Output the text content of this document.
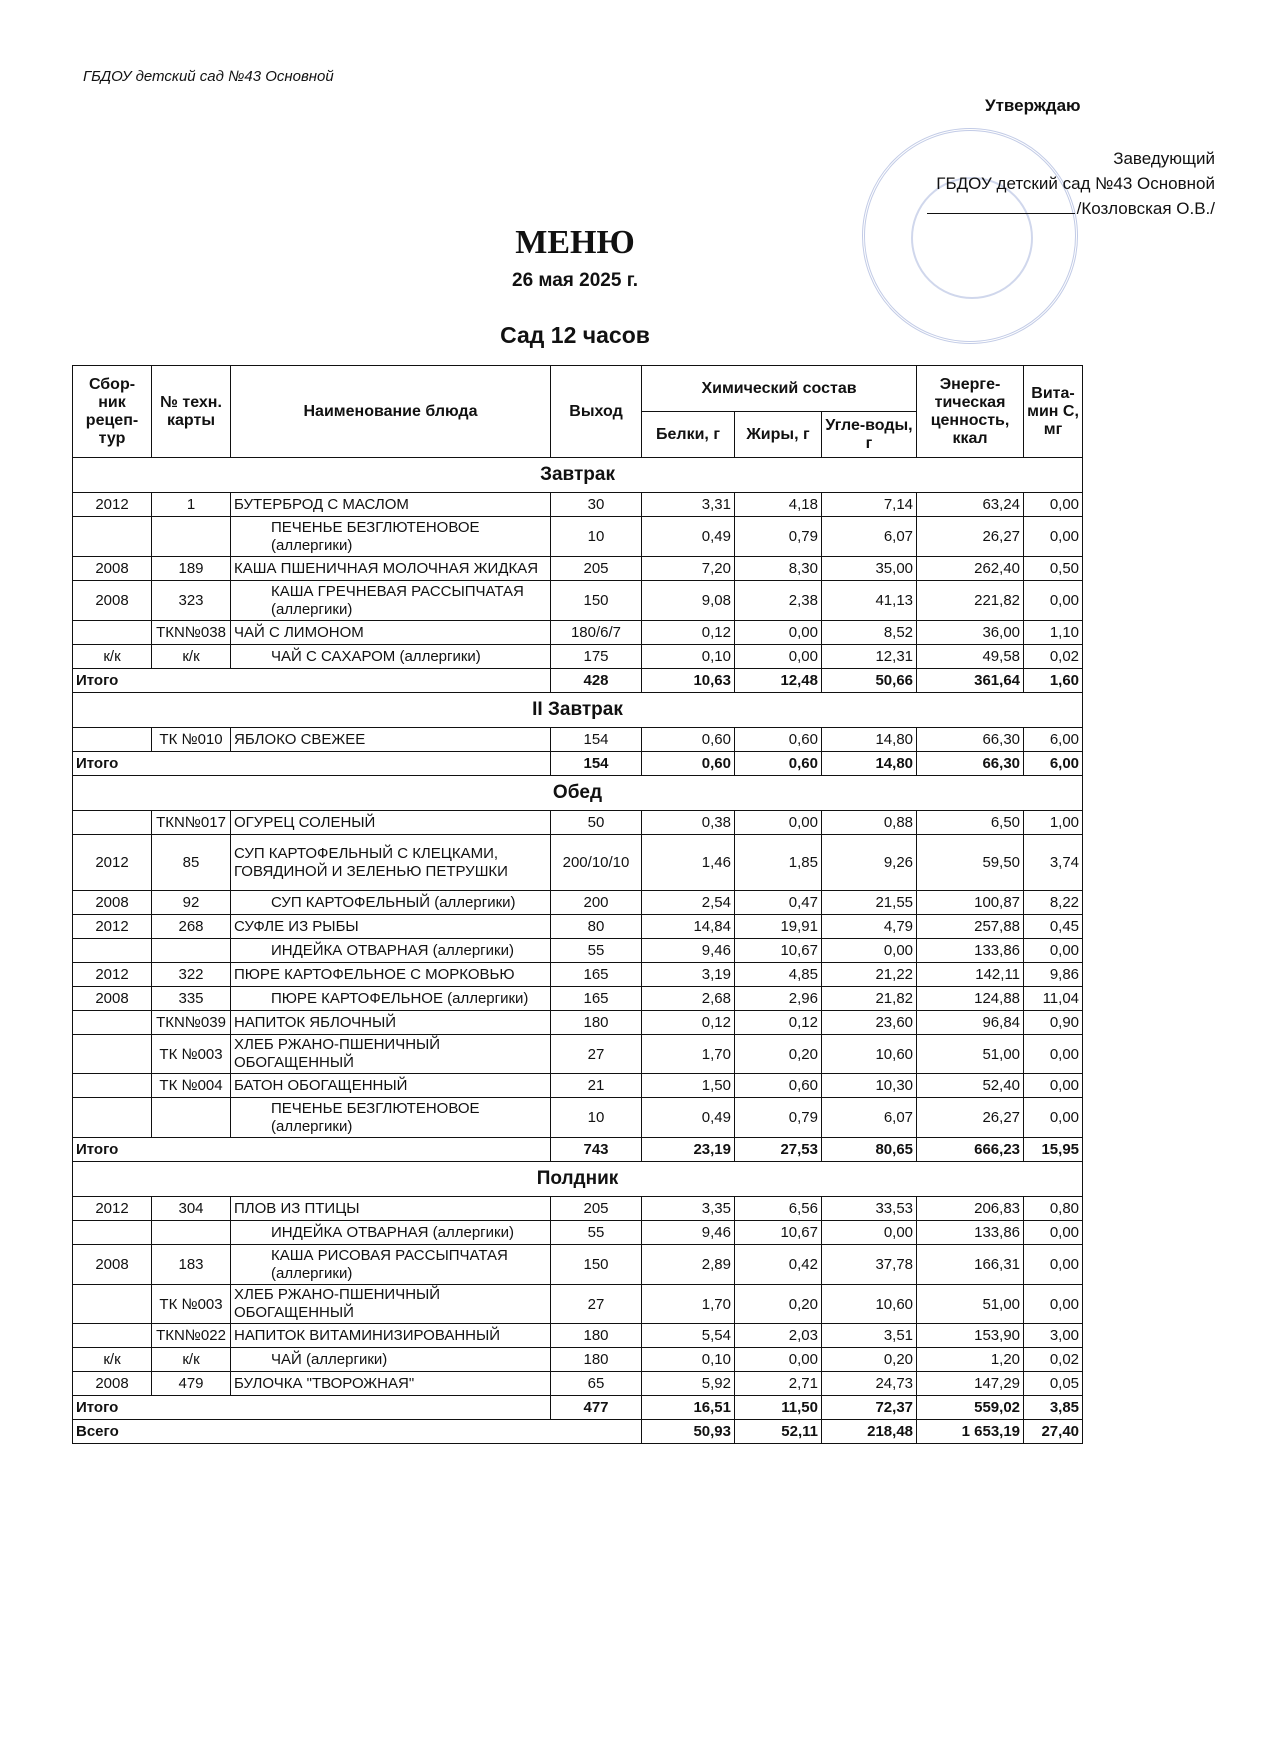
ГБДОУ детский сад №43 Основной
Утверждаю
Заведующий
ГБДОУ детский сад №43 Основной
/Козловская О.В./
МЕНЮ
26 мая 2025 г.
Сад 12 часов
Сбор-ник рецеп-тур	№ техн. карты	Наименование блюда	Выход	Химический состав			Энерге-тическая ценность, ккал	Вита-мин С, мг
				Белки, г	Жиры, г	Угле-воды, г		
Завтрак								
2012	1	БУТЕРБРОД С МАСЛОМ	30	3,31	4,18	7,14	63,24	0,00
		ПЕЧЕНЬЕ БЕЗГЛЮТЕНОВОЕ (аллергики)	10	0,49	0,79	6,07	26,27	0,00
2008	189	КАША ПШЕНИЧНАЯ МОЛОЧНАЯ ЖИДКАЯ	205	7,20	8,30	35,00	262,40	0,50
2008	323	КАША ГРЕЧНЕВАЯ РАССЫПЧАТАЯ (аллергики)	150	9,08	2,38	41,13	221,82	0,00
	ТКN№038	ЧАЙ С ЛИМОНОМ	180/6/7	0,12	0,00	8,52	36,00	1,10
к/к	к/к	ЧАЙ С САХАРОМ (аллергики)	175	0,10	0,00	12,31	49,58	0,02
Итого			428	10,63	12,48	50,66	361,64	1,60
II Завтрак								
	ТК №010	ЯБЛОКО СВЕЖЕЕ	154	0,60	0,60	14,80	66,30	6,00
Итого			154	0,60	0,60	14,80	66,30	6,00
Обед								
	ТКN№017	ОГУРЕЦ СОЛЕНЫЙ	50	0,38	0,00	0,88	6,50	1,00
2012	85	СУП КАРТОФЕЛЬНЫЙ С КЛЕЦКАМИ, ГОВЯДИНОЙ И ЗЕЛЕНЬЮ ПЕТРУШКИ	200/10/10	1,46	1,85	9,26	59,50	3,74
2008	92	СУП КАРТОФЕЛЬНЫЙ (аллергики)	200	2,54	0,47	21,55	100,87	8,22
2012	268	СУФЛЕ ИЗ РЫБЫ	80	14,84	19,91	4,79	257,88	0,45
		ИНДЕЙКА ОТВАРНАЯ (аллергики)	55	9,46	10,67	0,00	133,86	0,00
2012	322	ПЮРЕ КАРТОФЕЛЬНОЕ С МОРКОВЬЮ	165	3,19	4,85	21,22	142,11	9,86
2008	335	ПЮРЕ КАРТОФЕЛЬНОЕ (аллергики)	165	2,68	2,96	21,82	124,88	11,04
	ТКN№039	НАПИТОК ЯБЛОЧНЫЙ	180	0,12	0,12	23,60	96,84	0,90
	ТК №003	ХЛЕБ РЖАНО-ПШЕНИЧНЫЙ ОБОГАЩЕННЫЙ	27	1,70	0,20	10,60	51,00	0,00
	ТК №004	БАТОН ОБОГАЩЕННЫЙ	21	1,50	0,60	10,30	52,40	0,00
		ПЕЧЕНЬЕ БЕЗГЛЮТЕНОВОЕ (аллергики)	10	0,49	0,79	6,07	26,27	0,00
Итого			743	23,19	27,53	80,65	666,23	15,95
Полдник								
2012	304	ПЛОВ ИЗ ПТИЦЫ	205	3,35	6,56	33,53	206,83	0,80
		ИНДЕЙКА ОТВАРНАЯ (аллергики)	55	9,46	10,67	0,00	133,86	0,00
2008	183	КАША РИСОВАЯ РАССЫПЧАТАЯ (аллергики)	150	2,89	0,42	37,78	166,31	0,00
	ТК №003	ХЛЕБ РЖАНО-ПШЕНИЧНЫЙ ОБОГАЩЕННЫЙ	27	1,70	0,20	10,60	51,00	0,00
	ТКN№022	НАПИТОК ВИТАМИНИЗИРОВАННЫЙ	180	5,54	2,03	3,51	153,90	3,00
к/к	к/к	ЧАЙ (аллергики)	180	0,10	0,00	0,20	1,20	0,02
2008	479	БУЛОЧКА "ТВОРОЖНАЯ"	65	5,92	2,71	24,73	147,29	0,05
Итого			477	16,51	11,50	72,37	559,02	3,85
Всего				50,93	52,11	218,48	1 653,19	27,40
